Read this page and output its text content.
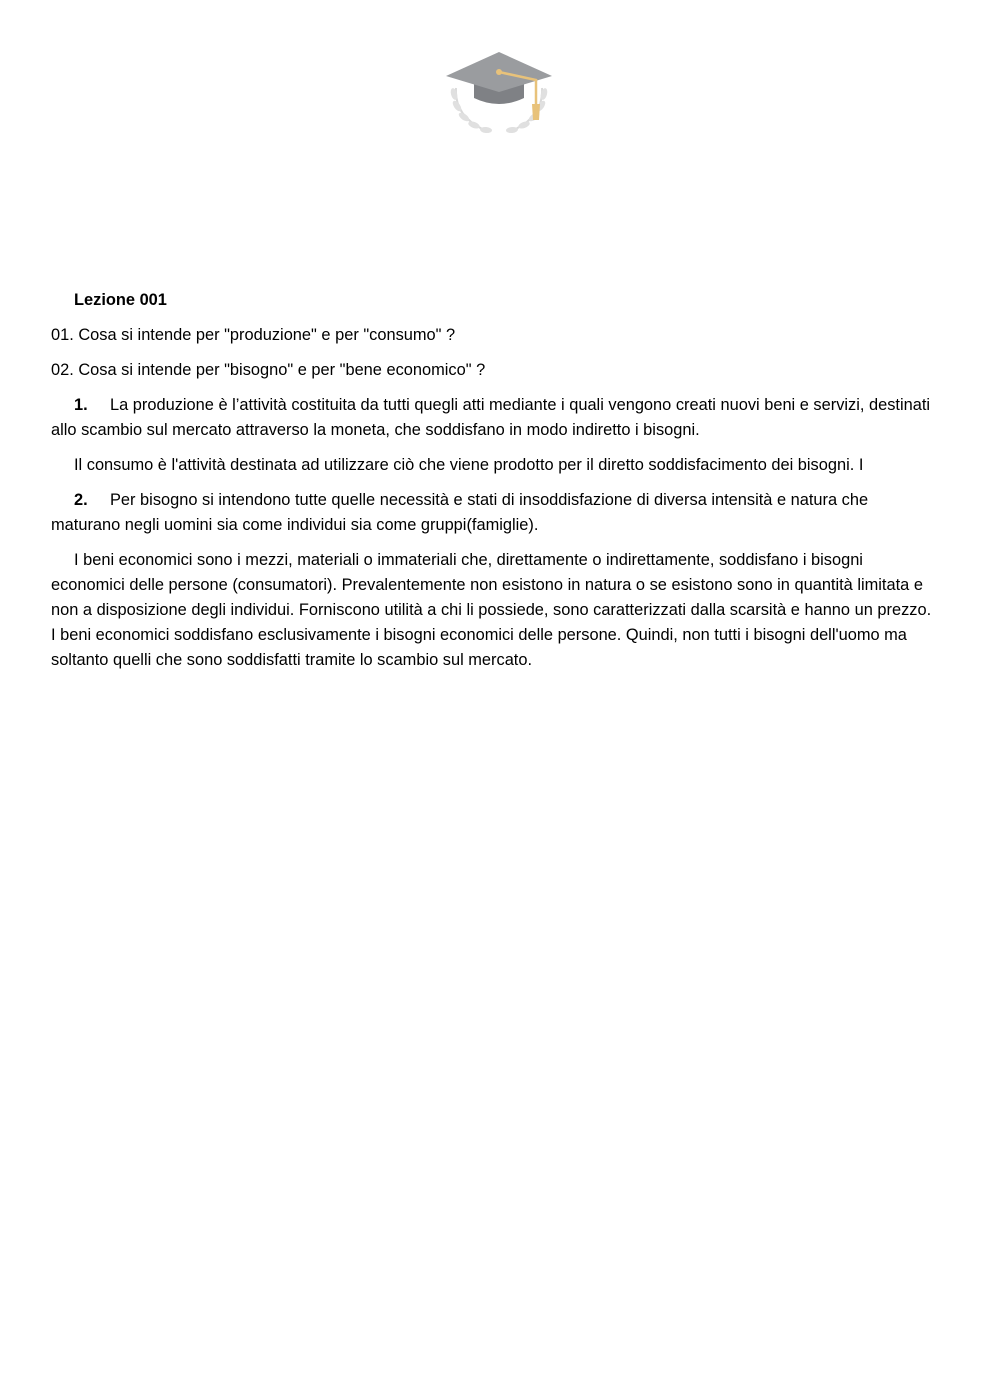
Lezione 001

01. Cosa si intende per "produzione" e per "consumo" ?

02. Cosa si intende per "bisogno" e per "bene economico" ?

1. La produzione è l’attività costituita da tutti quegli atti mediante i quali vengono creati nuovi beni e servizi, destinati allo scambio sul mercato attraverso la moneta, che soddisfano in modo indiretto i bisogni.

Il consumo è l'attività destinata ad utilizzare ciò che viene prodotto per il diretto soddisfacimento dei bisogni. I

2. Per bisogno si intendono tutte quelle necessità e stati di insoddisfazione di diversa intensità e natura che maturano negli uomini sia come individui sia come gruppi(famiglie).

I beni economici sono i mezzi, materiali o immateriali che, direttamente o indirettamente, soddisfano i bisogni economici delle persone (consumatori). Prevalentemente non esistono in natura o se esistono sono in quantità limitata e non a disposizione degli individui. Forniscono utilità a chi li possiede, sono caratterizzati dalla scarsità e hanno un prezzo. I beni economici soddisfano esclusivamente i bisogni economici delle persone. Quindi, non tutti i bisogni dell'uomo ma soltanto quelli che sono soddisfatti tramite lo scambio sul mercato.
